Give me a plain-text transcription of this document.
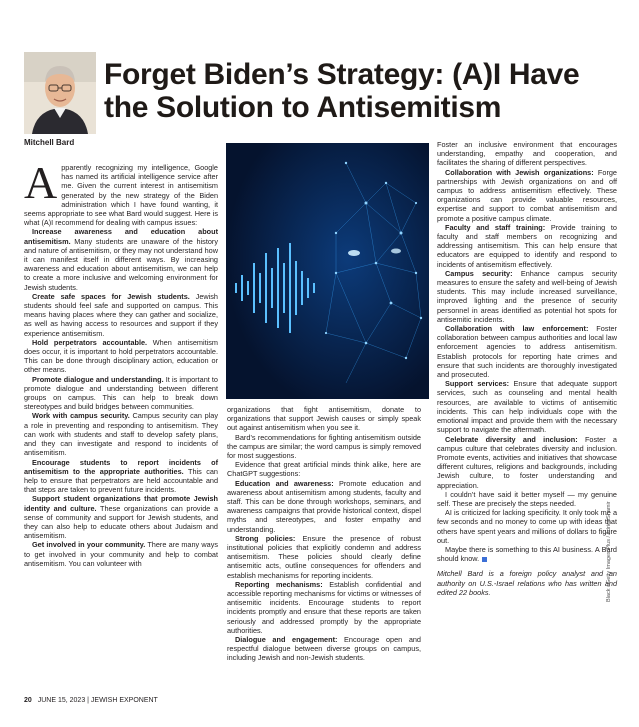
Forget Biden’s Strategy: (A)I Have the Solution to Antisemitism
Mitchell Bard

Apparently recognizing my intelligence, Google has named its artificial intelligence service after me. Given the current interest in antisemitism generated by the new strategy of the Biden administration which I have found wanting, it seems appropriate to see what Bard would suggest. Here is what (A)I recommend for dealing with campus issues:

Increase awareness and education about antisemitism. Many students are unaware of the history and nature of antisemitism, or they may not understand how it can manifest itself in different ways. By increasing awareness and education about antisemitism, we can help to create a more inclusive and welcoming environment for Jewish students.

Create safe spaces for Jewish students. Jewish students should feel safe and supported on campus. This means having places where they can gather and socialize, as well as having access to resources and support if they experience antisemitism.

Hold perpetrators accountable. When antisemitism does occur, it is important to hold perpetrators accountable. This can be done through disciplinary action, education or other means.

Promote dialogue and understanding. It is important to promote dialogue and understanding between different groups on campus. This can help to break down stereotypes and build bridges between communities.

Work with campus security. Campus security can play a role in preventing and responding to antisemitism. They can work with students and staff to develop safety plans, and they can investigate and respond to incidents of antisemitism.

Encourage students to report incidents of antisemitism to the appropriate authorities. This can help to ensure that perpetrators are held accountable and that steps are taken to prevent future incidents.

Support student organizations that promote Jewish identity and culture. These organizations can provide a sense of community and support for Jewish students, and they can also help to educate others about Judaism and antisemitism.

Get involved in your community. There are many ways to get involved in your community and help to combat antisemitism. You can volunteer with

organizations that fight antisemitism, donate to organizations that support Jewish causes or simply speak out against antisemitism when you see it.

Bard’s recommendations for fighting antisemitism outside the campus are similar; the word campus is simply removed for most suggestions.

Evidence that great artificial minds think alike, here are ChatGPT suggestions:

Education and awareness: Promote education and awareness about antisemitism among students, faculty and staff. This can be done through workshops, seminars, and awareness campaigns that provide historical context, dispel myths and stereotypes, and foster empathy and understanding.

Strong policies: Ensure the presence of robust institutional policies that explicitly condemn and address antisemitism. These policies should clearly define antisemitic acts, outline consequences for offenders and establish mechanisms for reporting incidents.

Reporting mechanisms: Establish confidential and accessible reporting mechanisms for victims or witnesses of antisemitic incidents. Encourage students to report incidents promptly and ensure that these reports are taken seriously and addressed promptly by the appropriate authorities.

Dialogue and engagement: Encourage open and respectful dialogue between diverse groups on campus, including Jewish and non-Jewish students.

Foster an inclusive environment that encourages understanding, empathy and cooperation, and facilitates the sharing of different perspectives.

Collaboration with Jewish organizations: Forge partnerships with Jewish organizations on and off campus to address antisemitism effectively. These organizations can provide valuable resources, expertise and support to combat antisemitism and promote a positive campus climate.

Faculty and staff training: Provide training to faculty and staff members on recognizing and addressing antisemitism. This can help ensure that educators are equipped to identify and respond to incidents of antisemitism effectively.

Campus security: Enhance campus security measures to ensure the safety and well-being of Jewish students. This may include increased surveillance, improved lighting and the presence of security personnel in areas identified as potential hot spots for antisemitic incidents.

Collaboration with law enforcement: Foster collaboration between campus authorities and local law enforcement agencies to address antisemitism. Establish protocols for reporting hate crimes and ensure that such incidents are thoroughly investigated and prosecuted.

Support services: Ensure that adequate support services, such as counseling and mental health resources, are available to victims of antisemitic incidents. This can help individuals cope with the emotional impact and provide them with the necessary support to navigate the aftermath.

Celebrate diversity and inclusion: Foster a campus culture that celebrates diversity and inclusion. Promote events, activities and initiatives that showcase different cultures, religions and backgrounds, including Jewish culture, to foster understanding and appreciation.

I couldn’t have said it better myself — my genuine self. These are precisely the steps needed.

AI is criticized for lacking specificity. It only took me a few seconds and no money to come up with ideas that others have spent years and millions of dollars to figure out.

Maybe there is something to this AI business. A Bard should know.

Mitchell Bard is a foreign policy analyst and an authority on U.S.-Israel relations who has written and edited 22 books.	Black / Getty Images Plus / AdrienShamir
20 JUNE 15, 2023 | JEWISH EXPONENT
